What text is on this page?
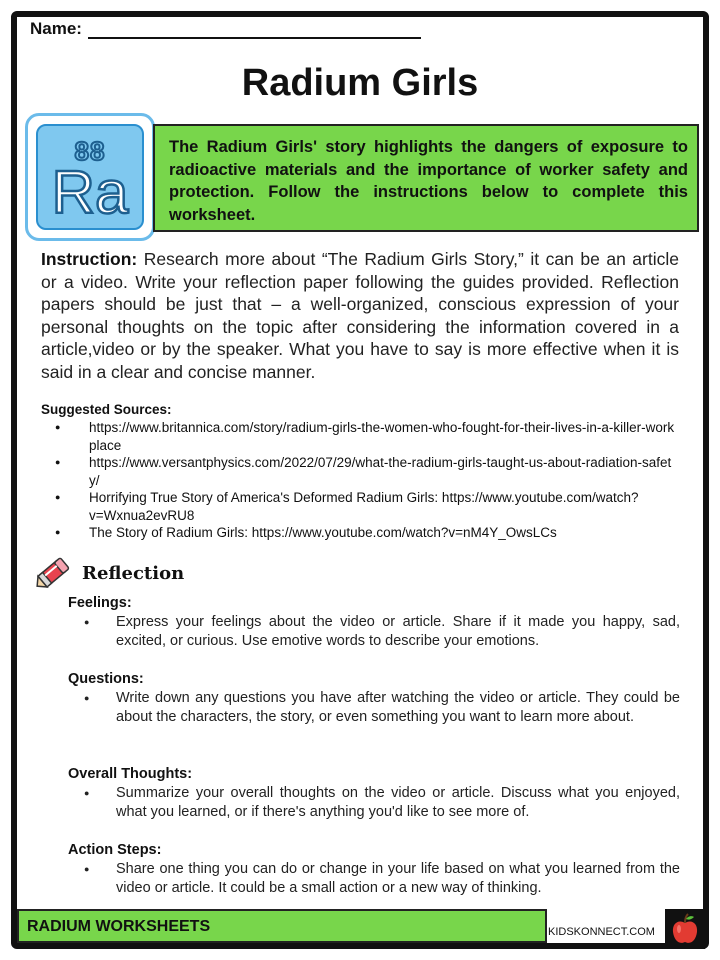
Name:
Radium Girls
88
Ra
The Radium Girls' story highlights the dangers of exposure to radioactive materials and the importance of worker safety and protection. Follow the instructions below to complete this worksheet.
Instruction: Research more about “The Radium Girls Story,” it can be an article or a video. Write your reflection paper following the guides provided. Reflection papers should be just that – a well-organized, conscious expression of your personal thoughts on the topic after considering the information covered in a article,video or by the speaker. What you have to say is more effective when it is said in a clear and concise manner.
Suggested Sources:
● https://www.britannica.com/story/radium-girls-the-women-who-fought-for-their-lives-in-a-killer-workplace
● https://www.versantphysics.com/2022/07/29/what-the-radium-girls-taught-us-about-radiation-safety/
● Horrifying True Story of America's Deformed Radium Girls: https://www.youtube.com/watch?v=Wxnua2evRU8
● The Story of Radium Girls: https://www.youtube.com/watch?v=nM4Y_OwsLCs
Reflection
Feelings:
● Express your feelings about the video or article. Share if it made you happy, sad, excited, or curious. Use emotive words to describe your emotions.
Questions:
● Write down any questions you have after watching the video or article. They could be about the characters, the story, or even something you want to learn more about.
Overall Thoughts:
● Summarize your overall thoughts on the video or article. Discuss what you enjoyed, what you learned, or if there's anything you'd like to see more of.
Action Steps:
● Share one thing you can do or change in your life based on what you learned from the video or article. It could be a small action or a new way of thinking.
RADIUM WORKSHEETS	KIDSKONNECT.COM
